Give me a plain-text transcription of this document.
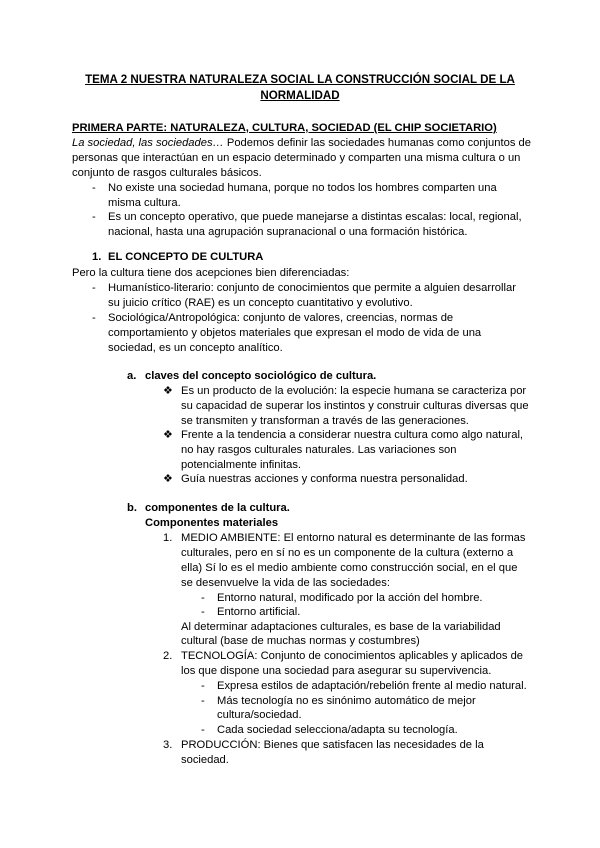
TEMA 2 NUESTRA NATURALEZA SOCIAL LA CONSTRUCCIÓN SOCIAL DE LA
NORMALIDAD
PRIMERA PARTE: NATURALEZA, CULTURA, SOCIEDAD (EL CHIP SOCIETARIO)
La sociedad, las sociedades… Podemos definir las sociedades humanas como conjuntos de
personas que interactúan en un espacio determinado y comparten una misma cultura o un
conjunto de rasgos culturales básicos.
- No existe una sociedad humana, porque no todos los hombres comparten una
misma cultura.
- Es un concepto operativo, que puede manejarse a distintas escalas: local, regional,
nacional, hasta una agrupación supranacional o una formación histórica.
1. EL CONCEPTO DE CULTURA
Pero la cultura tiene dos acepciones bien diferenciadas:
- Humanístico-literario: conjunto de conocimientos que permite a alguien desarrollar
su juicio crítico (RAE) es un concepto cuantitativo y evolutivo.
- Sociológica/Antropológica: conjunto de valores, creencias, normas de
comportamiento y objetos materiales que expresan el modo de vida de una
sociedad, es un concepto analítico.
a. claves del concepto sociológico de cultura.
❖ Es un producto de la evolución: la especie humana se caracteriza por
su capacidad de superar los instintos y construir culturas diversas que
se transmiten y transforman a través de las generaciones.
❖ Frente a la tendencia a considerar nuestra cultura como algo natural,
no hay rasgos culturales naturales. Las variaciones son
potencialmente infinitas.
❖ Guía nuestras acciones y conforma nuestra personalidad.
b. componentes de la cultura.
Componentes materiales
1. MEDIO AMBIENTE: El entorno natural es determinante de las formas
culturales, pero en sí no es un componente de la cultura (externo a
ella) Sí lo es el medio ambiente como construcción social, en el que
se desenvuelve la vida de las sociedades:
- Entorno natural, modificado por la acción del hombre.
- Entorno artificial.
Al determinar adaptaciones culturales, es base de la variabilidad
cultural (base de muchas normas y costumbres)
2. TECNOLOGÍA: Conjunto de conocimientos aplicables y aplicados de
los que dispone una sociedad para asegurar su supervivencia.
- Expresa estilos de adaptación/rebelión frente al medio natural.
- Más tecnología no es sinónimo automático de mejor
cultura/sociedad.
- Cada sociedad selecciona/adapta su tecnología.
3. PRODUCCIÓN: Bienes que satisfacen las necesidades de la
sociedad.
